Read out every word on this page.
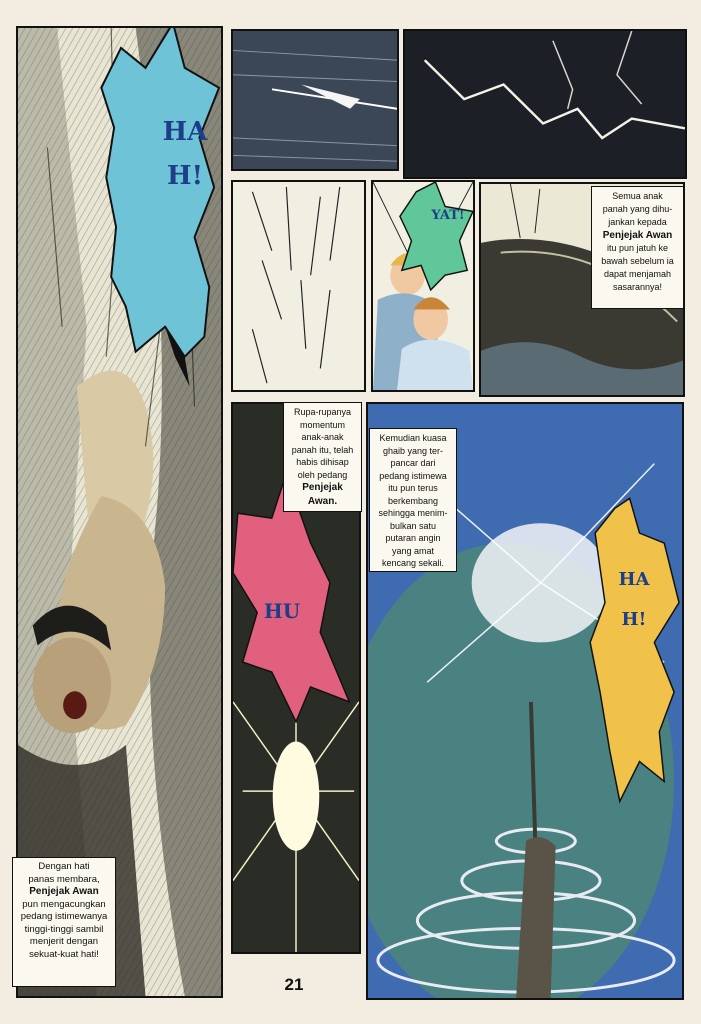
HAH!
YAT!
HU
HAH!
Dengan hati
panas membara,
Penjejak Awan
pun mengacungkan
pedang istimewanya
tinggi-tinggi sambil
menjerit dengan
sekuat-kuat hati!
Semua anak
panah yang dihu-
jankan kepada
Penjejak Awan
itu pun jatuh ke
bawah sebelum ia
dapat menjamah
sasarannya!
Rupa-rupanya
momentum
anak-anak
panah itu, telah
habis dihisap
oleh pedang
Penjejak
Awan.
Kemudian kuasa
ghaib yang ter-
pancar dari
pedang istimewa
itu pun terus
berkembang
sehingga menim-
bulkan satu
putaran angin
yang amat
kencang sekali.
21
